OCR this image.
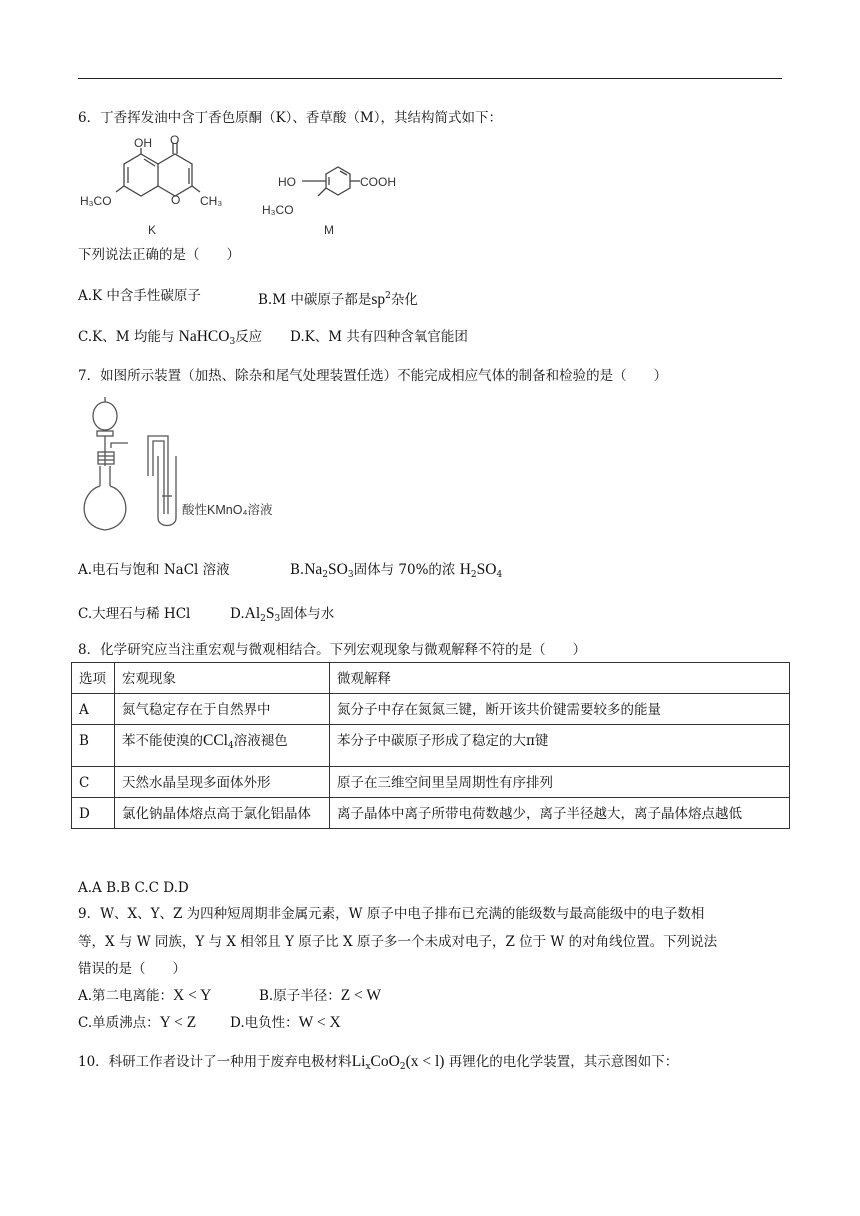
6．丁香挥发油中含丁香色原酮（K）、香草酸（M），其结构简式如下：
OH O
H₃CO	O CH₃
K
HO	COOH
H₃CO
M
下列说法正确的是（　　）
A.K 中含手性碳原子	B.M 中碳原子都是$sp^2$杂化
C.K、M 均能与 NaHCO$_3$反应 D.K、M 共有四种含氧官能团
7．如图所示装置（加热、除杂和尾气处理装置任选）不能完成相应气体的制备和检验的是（　　）
酸性KMnO₄溶液
A.电石与饱和 NaCl 溶液	$B.Na_2SO_3$固体与 70%的浓 $H_2SO_4$
C.大理石与稀 HCl	$D.Al_2S_3$固体与水
8．化学研究应当注重宏观与微观相结合。下列宏观现象与微观解释不符的是（　　）
选项	宏观现象	微观解释
A	氮气稳定存在于自然界中	氮分子中存在氮氮三键，断开该共价键需要较多的能量
B	苯不能使溴的CCl$_4$溶液褪色	苯分子中碳原子形成了稳定的大π键
C	天然水晶呈现多面体外形	原子在三维空间里呈周期性有序排列
D	氯化钠晶体熔点高于氯化铝晶体	离子晶体中离子所带电荷数越少，离子半径越大，离子晶体熔点越低
A.A B.B C.C D.D
9．W、X、Y、Z 为四种短周期非金属元素，W 原子中电子排布已充满的能级数与最高能级中的电子数相
等，X 与 W 同族，Y 与 X 相邻且 Y 原子比 X 原子多一个未成对电子，Z 位于 W 的对角线位置。下列说法
错误的是（　　）
A.第二电离能：X < Y	B.原子半径：Z < W
C.单质沸点：Y < Z	D.电负性：W < X
10．科研工作者设计了一种用于废弃电极材料$Li_xCoO_2(x < l)$ 再锂化的电化学装置，其示意图如下：
